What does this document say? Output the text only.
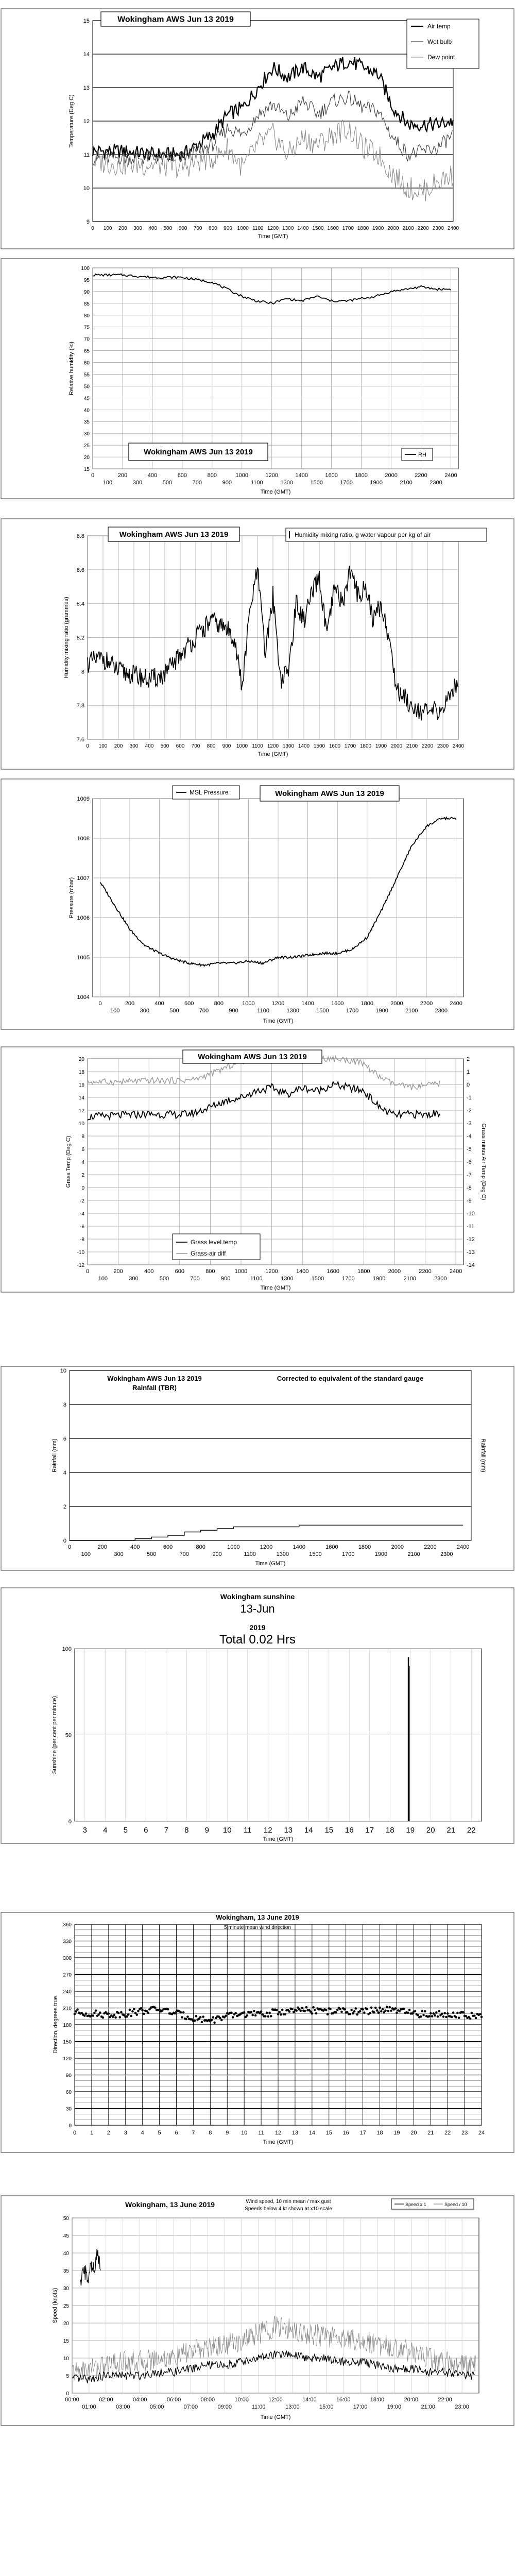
9
10
11
12
13
14
15
0 100 200 300 400 500 600 700 800 900 1000 1100 1200 1300 1400 1500 1600 1700 1800 1900 2000 2100 2200 2300 2400
Time (GMT)
Temperature (Deg C)
Wokingham AWS Jun 13 2019
Air temp
Wet bulb
Dew point
15
20
25
30
35
40
45
50
55
60
65
70
75
80
85
90
95
100
0	200	400	600	800	1000	1200	1400	1600	1800	2000	2200	2400
100	300	500	700	900	1100	1300	1500	1700	1900	2100	2300
Time (GMT)
Relative humidity (%)
Wokingham AWS Jun 13 2019	RH
7.6
7.8
8
8.2
8.4
8.6
8.8
0 100 200 300 400 500 600 700 800 900 1000 1100 1200 1300 1400 1500 1600 1700 1800 1900 2000 2100 2200 2300 2400
Time (GMT)
Humidity mixing ratio (grammes)
Wokingham AWS Jun 13 2019	Humidity mixing ratio, g water vapour per kg of air
1004
1005
1006
1007
1008
1009
0	200	400	600	800	1000	1200	1400	1600	1800	2000	2200	2400
100	300	500	700	900	1100	1300	1500	1700	1900	2100	2300
Time (GMT)
Pressure (mbar)
MSL Pressure	Wokingham AWS Jun 13 2019
-12
-10
-8
-6
-4
-2
0
2
4
6
8
10
12
14
16
18
20
-14
-13
-12
-11
-10
-9
-8
-7
-6
-5
-4
-3
-2
-1
0
1
2
0	200	400	600	800	1000	1200	1400	1600	1800	2000	2200	2400
100	300	500	700	900	1100	1300	1500	1700	1900	2100	2300
Time (GMT)
Grass Temp (Deg C)	Grass minus Air Temp (Deg C)
Wokingham AWS Jun 13 2019
Grass level temp
Grass-air diff
0
2
4
6
8
10
0	200	400	600	800	1000	1200	1400	1600	1800	2000	2200	2400
100	300	500	700	900	1100	1300	1500	1700	1900	2100	2300
Time (GMT)
Rainfall (mm)	Rainfall (mm)
Wokingham AWS Jun 13 2019
Rainfall (TBR)
Corrected to equivalent of the standard gauge
0
50
100
3 4 5 6 7 8 9 10 11 12 13 14 15 16 17 18 19 20 21 22
Time (GMT)
Sunshine (per cent per minute)
Wokingham sunshine
13-Jun
2019
Total 0.02 Hrs
0
30
60
90
120
150
180
210
240
270
300
330
360
0 1 2 3 4 5 6 7 8 9 10 11 12 13 14 15 16 17 18 19 20 21 22 23 24
Time (GMT)
Direction, degrees true
Wokingham, 13 June 2019
5 minute mean wind direction
0
5
10
15
20
25
30
35
40
45
50
00:00	02:00	04:00	06:00	08:00	10:00	12:00	14:00	16:00	18:00	20:00	22:00
01:00	03:00	05:00	07:00	09:00	11:00	13:00	15:00	17:00	19:00	21:00	23:00
Time (GMT)
Speed (knots)
Wokingham, 13 June 2019	Wind speed, 10 min mean / max gust
Speeds below 4 kt shown at x10 scale
Speed x 1	Speed / 10
